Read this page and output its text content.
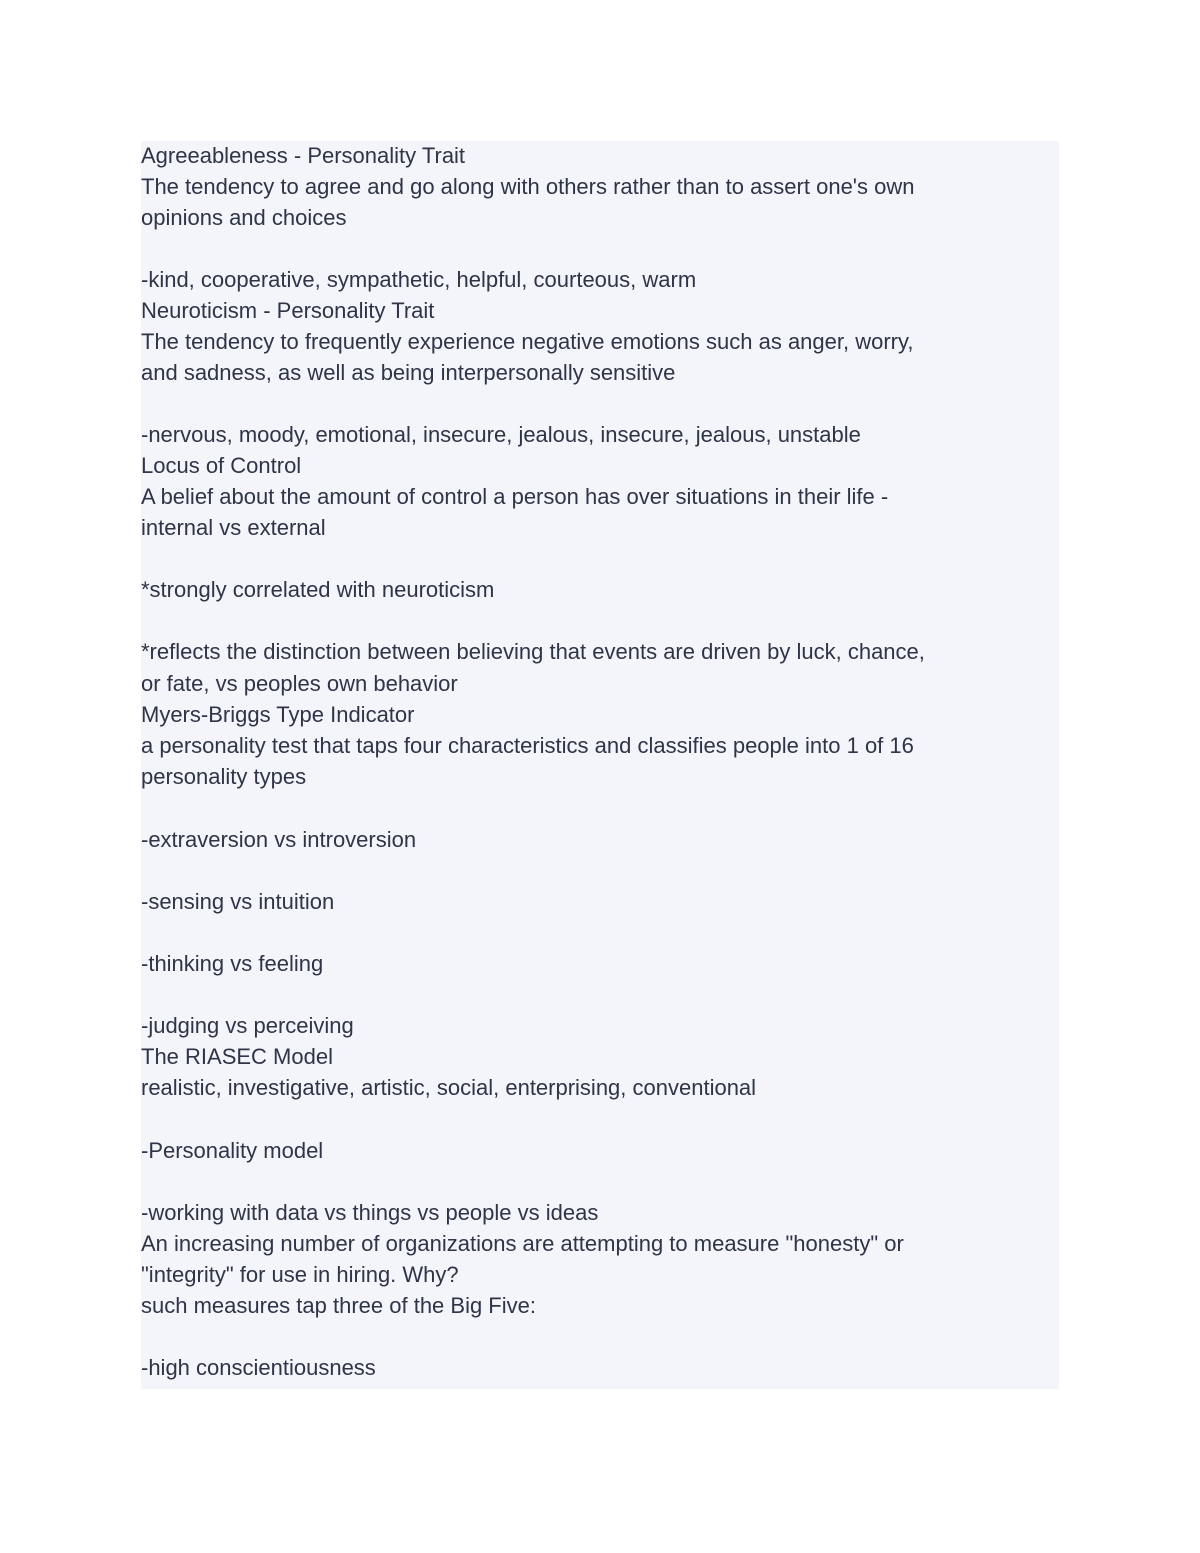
Agreeableness - Personality Trait
The tendency to agree and go along with others rather than to assert one's own
opinions and choices
-kind, cooperative, sympathetic, helpful, courteous, warm
Neuroticism - Personality Trait
The tendency to frequently experience negative emotions such as anger, worry,
and sadness, as well as being interpersonally sensitive
-nervous, moody, emotional, insecure, jealous, insecure, jealous, unstable
Locus of Control
A belief about the amount of control a person has over situations in their life -
internal vs external
*strongly correlated with neuroticism
*reflects the distinction between believing that events are driven by luck, chance,
or fate, vs peoples own behavior
Myers-Briggs Type Indicator
a personality test that taps four characteristics and classifies people into 1 of 16
personality types
-extraversion vs introversion
-sensing vs intuition
-thinking vs feeling
-judging vs perceiving
The RIASEC Model
realistic, investigative, artistic, social, enterprising, conventional
-Personality model
-working with data vs things vs people vs ideas
An increasing number of organizations are attempting to measure "honesty" or
"integrity" for use in hiring. Why?
such measures tap three of the Big Five:
-high conscientiousness
